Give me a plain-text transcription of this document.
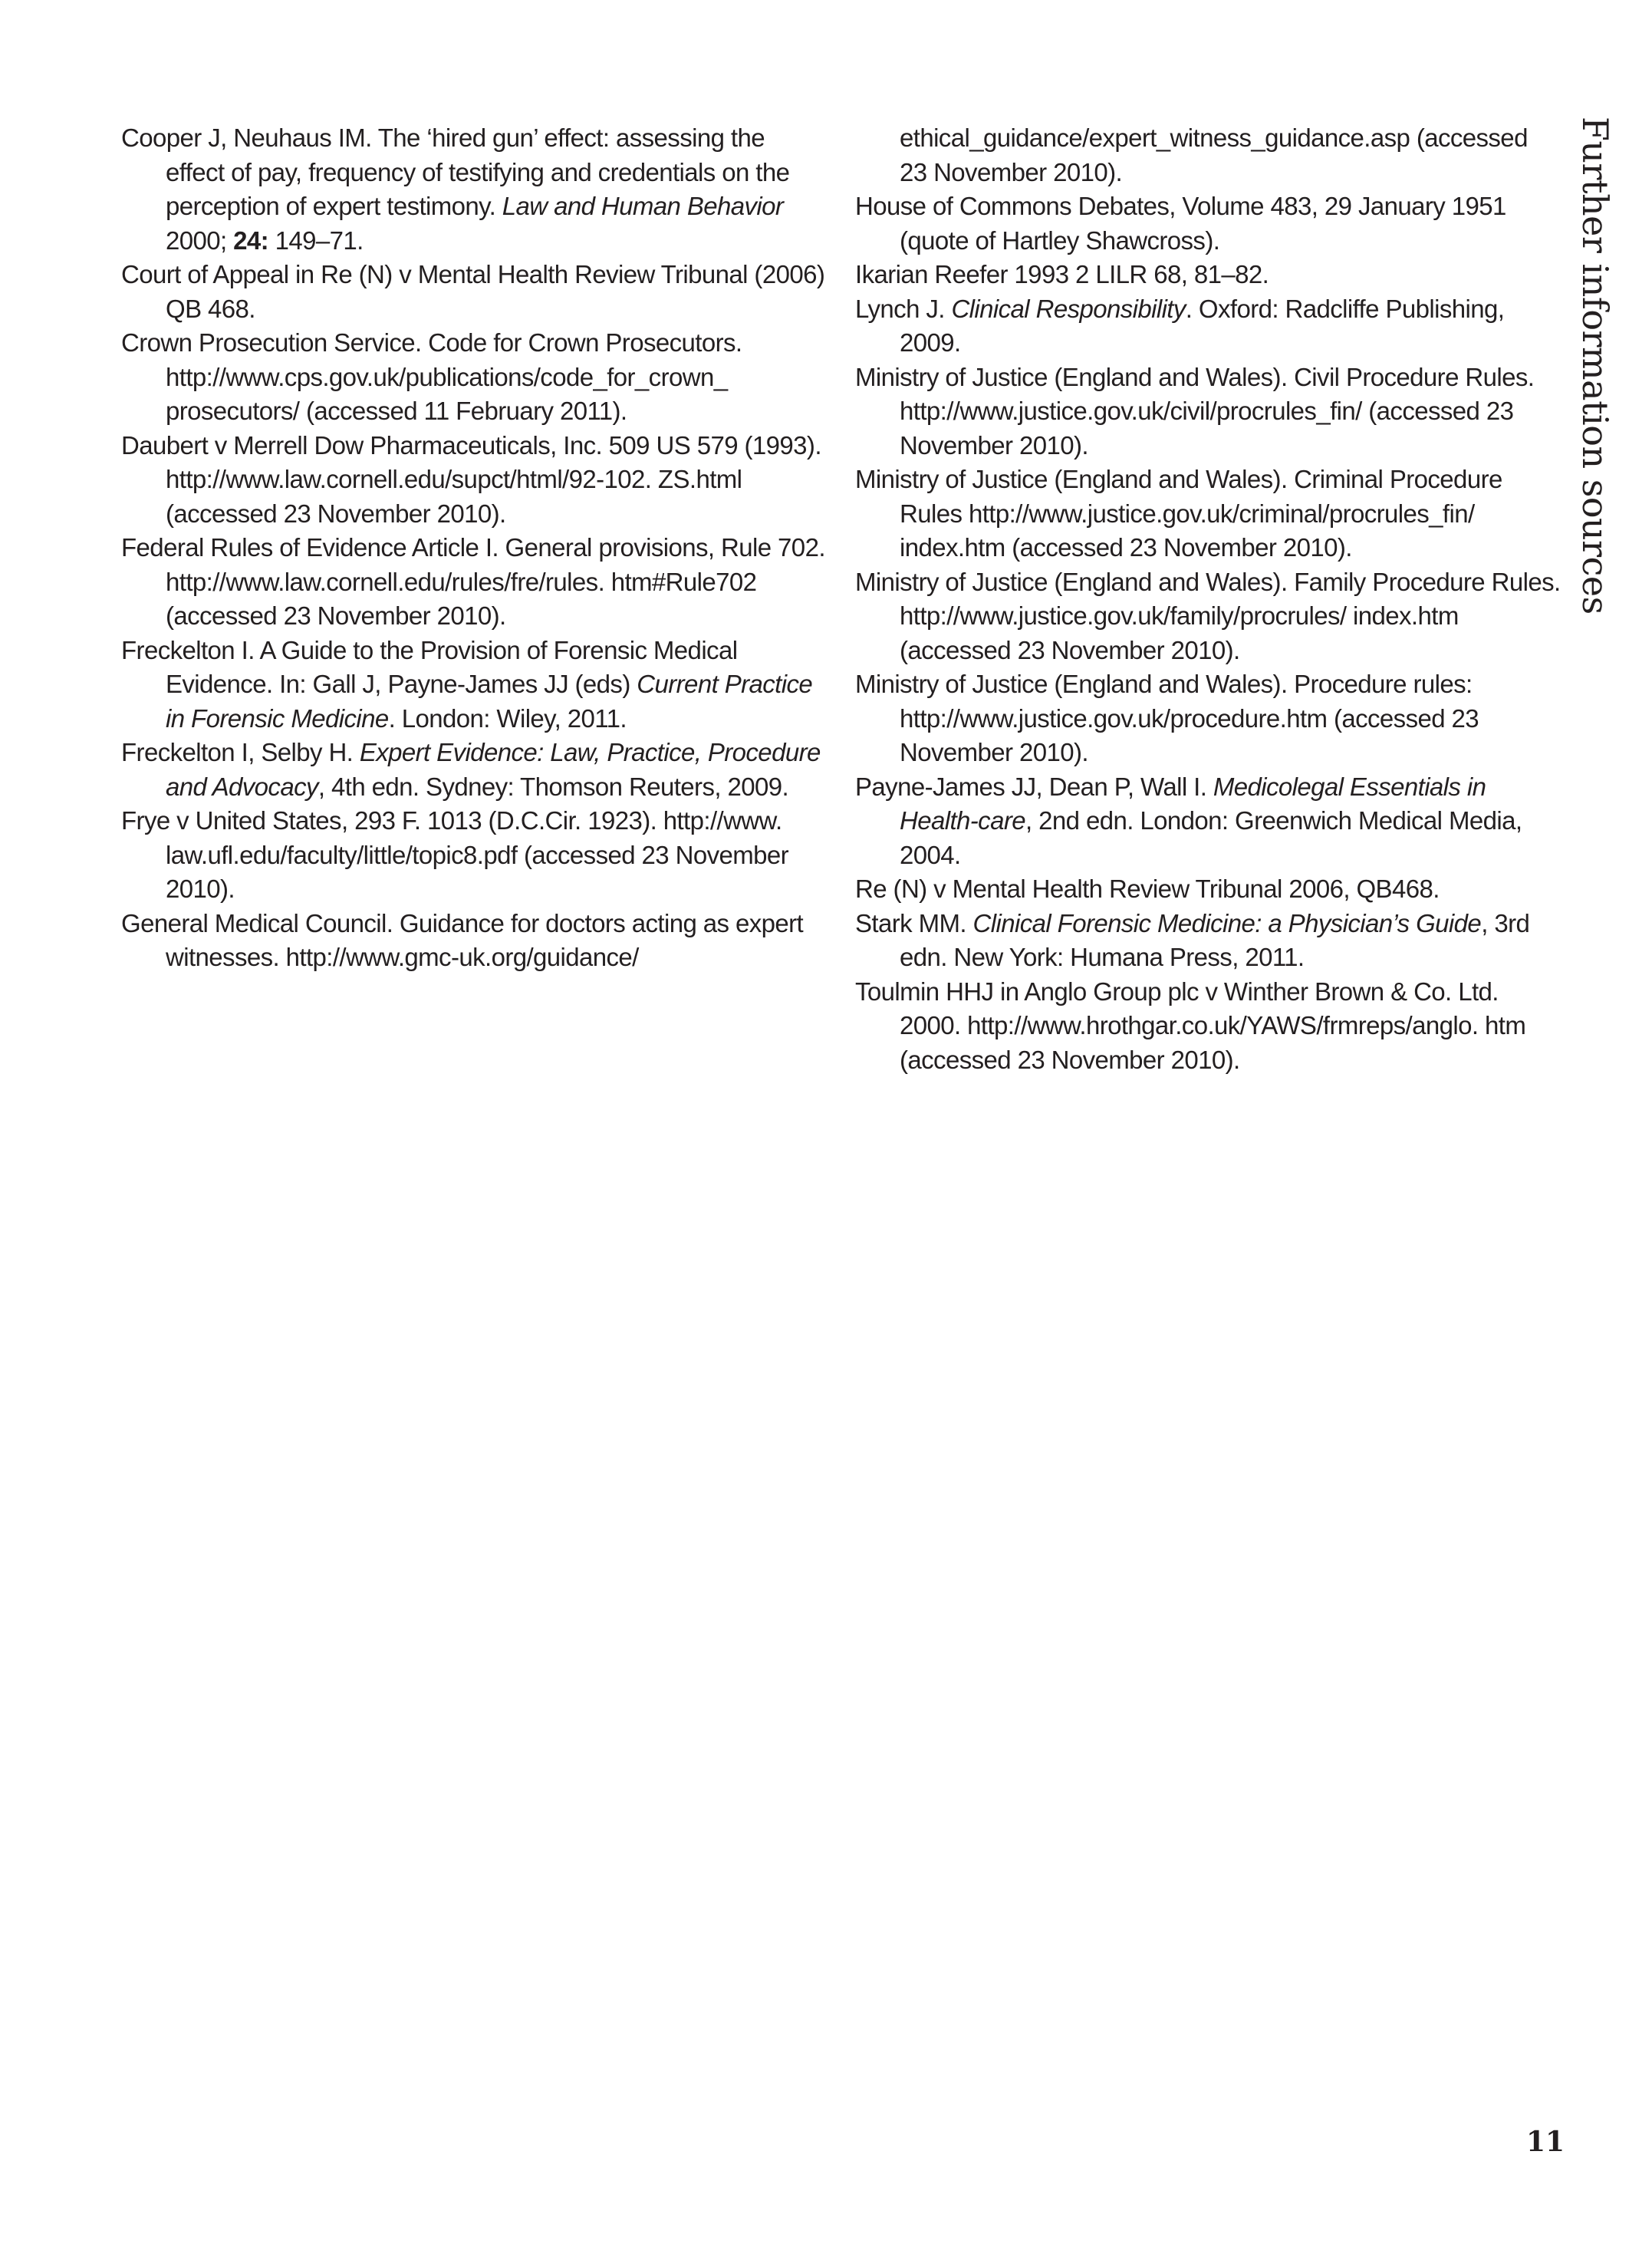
Cooper J, Neuhaus IM. The ‘hired gun’ effect: assessing the effect of pay, frequency of testifying and credentials on the perception of expert testimony. Law and Human Behavior2000; 24: 149–71.

Court of Appeal in Re (N) v Mental Health Review Tribunal (2006) QB 468.

Crown Prosecution Service. Code for Crown Prosecutors. http://www.cps.gov.uk/publications/code_for_crown_ prosecutors/ (accessed 11 February 2011).

Daubert v Merrell Dow Pharmaceuticals, Inc. 509 US 579 (1993). http://www.law.cornell.edu/supct/html/92-102. ZS.html (accessed 23 November 2010).

Federal Rules of Evidence Article I. General provisions, Rule 702. http://www.law.cornell.edu/rules/fre/rules. htm#Rule702 (accessed 23 November 2010).

Freckelton I. A Guide to the Provision of Forensic Medical Evidence. In: Gall J, Payne-James JJ (eds) Current Practice in Forensic Medicine. London: Wiley, 2011.

Freckelton I, Selby H. Expert Evidence: Law, Practice, Procedure and Advocacy, 4th edn. Sydney: Thomson Reuters, 2009.

Frye v United States, 293 F. 1013 (D.C.Cir. 1923). http://www. law.ufl.edu/faculty/little/topic8.pdf (accessed 23 November 2010).

General Medical Council. Guidance for doctors acting as expert witnesses. http://www.gmc-uk.org/guidance/

ethical_guidance/expert_witness_guidance.asp (accessed 23 November 2010).

House of Commons Debates, Volume 483, 29 January 1951 (quote of Hartley Shawcross).

Ikarian Reefer 1993 2 LILR 68, 81–82.

Lynch J. Clinical Responsibility. Oxford: Radcliffe Publishing, 2009.

Ministry of Justice (England and Wales). Civil Procedure Rules. http://www.justice.gov.uk/civil/procrules_fin/ (accessed 23 November 2010).

Ministry of Justice (England and Wales). Criminal Procedure Rules http://www.justice.gov.uk/criminal/procrules_fin/ index.htm (accessed 23 November 2010).

Ministry of Justice (England and Wales). Family Procedure Rules. http://www.justice.gov.uk/family/procrules/ index.htm (accessed 23 November 2010).

Ministry of Justice (England and Wales). Procedure rules: http://www.justice.gov.uk/procedure.htm (accessed 23 November 2010).

Payne-James JJ, Dean P, Wall I. Medicolegal Essentials in Health-care, 2nd edn. London: Greenwich Medical Media, 2004.

Re (N) v Mental Health Review Tribunal 2006, QB468.

Stark MM. Clinical Forensic Medicine: a Physician’s Guide, 3rd edn. New York: Humana Press, 2011.

Toulmin HHJ in Anglo Group plc v Winther Brown & Co. Ltd. 2000. http://www.hrothgar.co.uk/YAWS/frmreps/anglo. htm (accessed 23 November 2010).

Further information sources
11
